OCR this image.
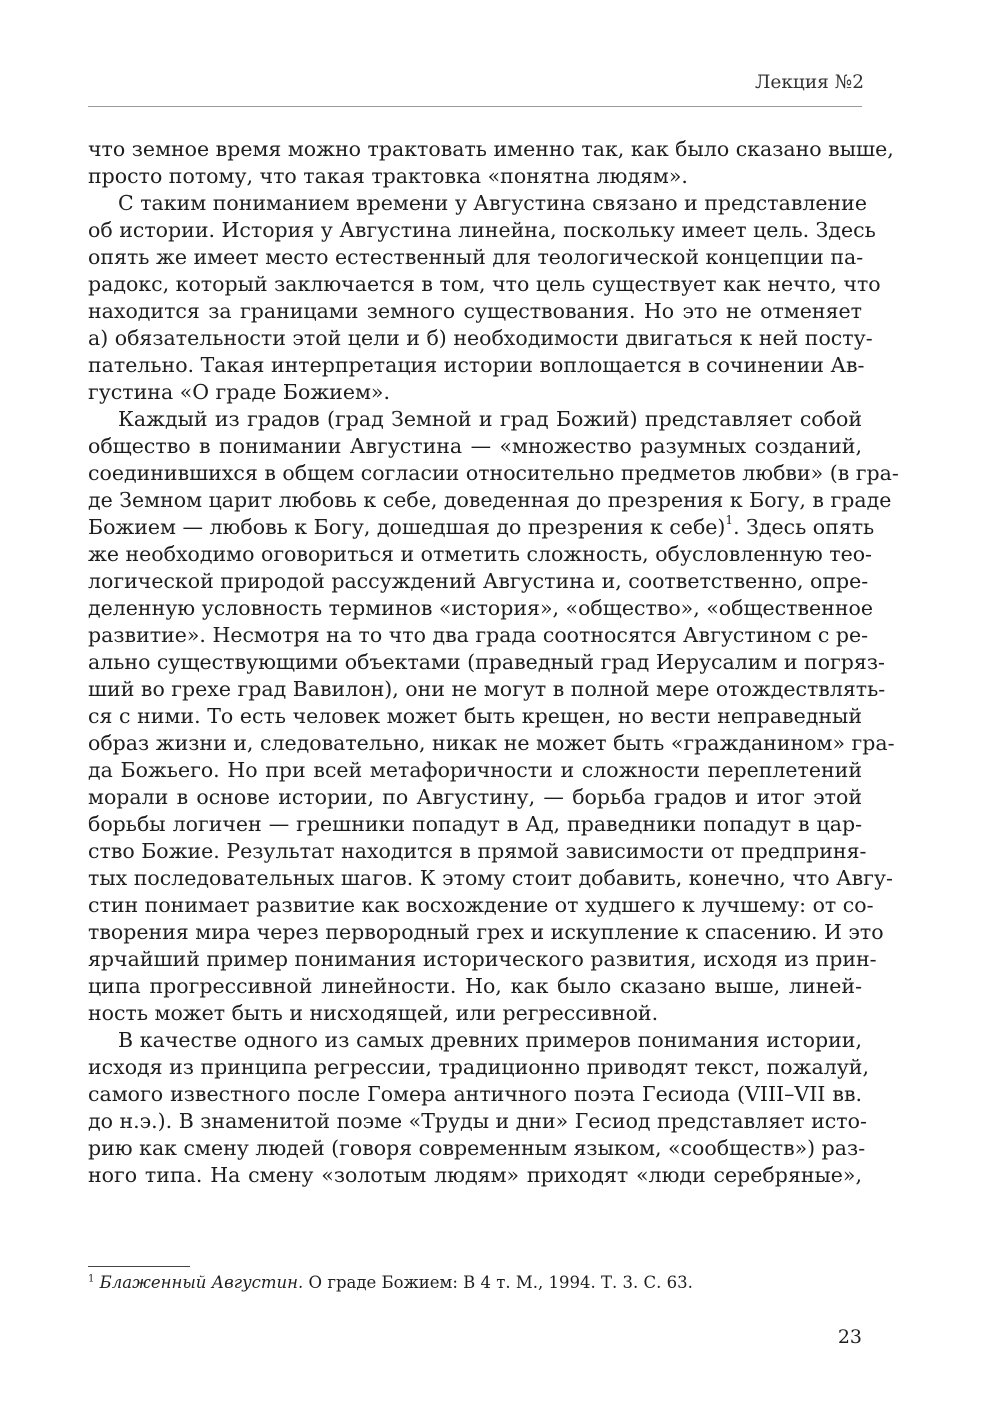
Лекция №2
что земное время можно трактовать именно так, как было сказано выше,
просто потому, что такая трактовка «понятна людям».
С таким пониманием времени у Августина связано и представление
об истории. История у Августина линейна, поскольку имеет цель. Здесь
опять же имеет место естественный для теологической концепции па-
радокс, который заключается в том, что цель существует как нечто, что
находится за границами земного существования. Но это не отменяет
а) обязательности этой цели и б) необходимости двигаться к ней посту-
пательно. Такая интерпретация истории воплощается в сочинении Ав-
густина «О граде Божием».
Каждый из градов (град Земной и град Божий) представляет собой
общество в понимании Августина — «множество разумных созданий,
соединившихся в общем согласии относительно предметов любви» (в гра-
де Земном царит любовь к себе, доведенная до презрения к Богу, в граде
Божием — любовь к Богу, дошедшая до презрения к себе)$^1$. Здесь опять
же необходимо оговориться и отметить сложность, обусловленную тео-
логической природой рассуждений Августина и, соответственно, опре-
деленную условность терминов «история», «общество», «общественное
развитие». Несмотря на то что два града соотносятся Августином с ре-
ально существующими объектами (праведный град Иерусалим и погряз-
ший во грехе град Вавилон), они не могут в полной мере отождествлять-
ся с ними. То есть человек может быть крещен, но вести неправедный
образ жизни и, следовательно, никак не может быть «гражданином» гра-
да Божьего. Но при всей метафоричности и сложности переплетений
морали в основе истории, по Августину, — борьба градов и итог этой
борьбы логичен — грешники попадут в Ад, праведники попадут в цар-
ство Божие. Результат находится в прямой зависимости от предприня-
тых последовательных шагов. К этому стоит добавить, конечно, что Авгу-
стин понимает развитие как восхождение от худшего к лучшему: от со-
творения мира через первородный грех и искупление к спасению. И это
ярчайший пример понимания исторического развития, исходя из прин-
ципа прогрессивной линейности. Но, как было сказано выше, линей-
ность может быть и нисходящей, или регрессивной.
В качестве одного из самых древних примеров понимания истории,
исходя из принципа регрессии, традиционно приводят текст, пожалуй,
самого известного после Гомера античного поэта Гесиода (VIII–VII вв.
до н.э.). В знаменитой поэме «Труды и дни» Гесиод представляет исто-
рию как смену людей (говоря современным языком, «сообществ») раз-
ного типа. На смену «золотым людям» приходят «люди серебряные»,
$^1$ Блаженный Августин. О граде Божием: В 4 т. М., 1994. Т. 3. С. 63.
23
